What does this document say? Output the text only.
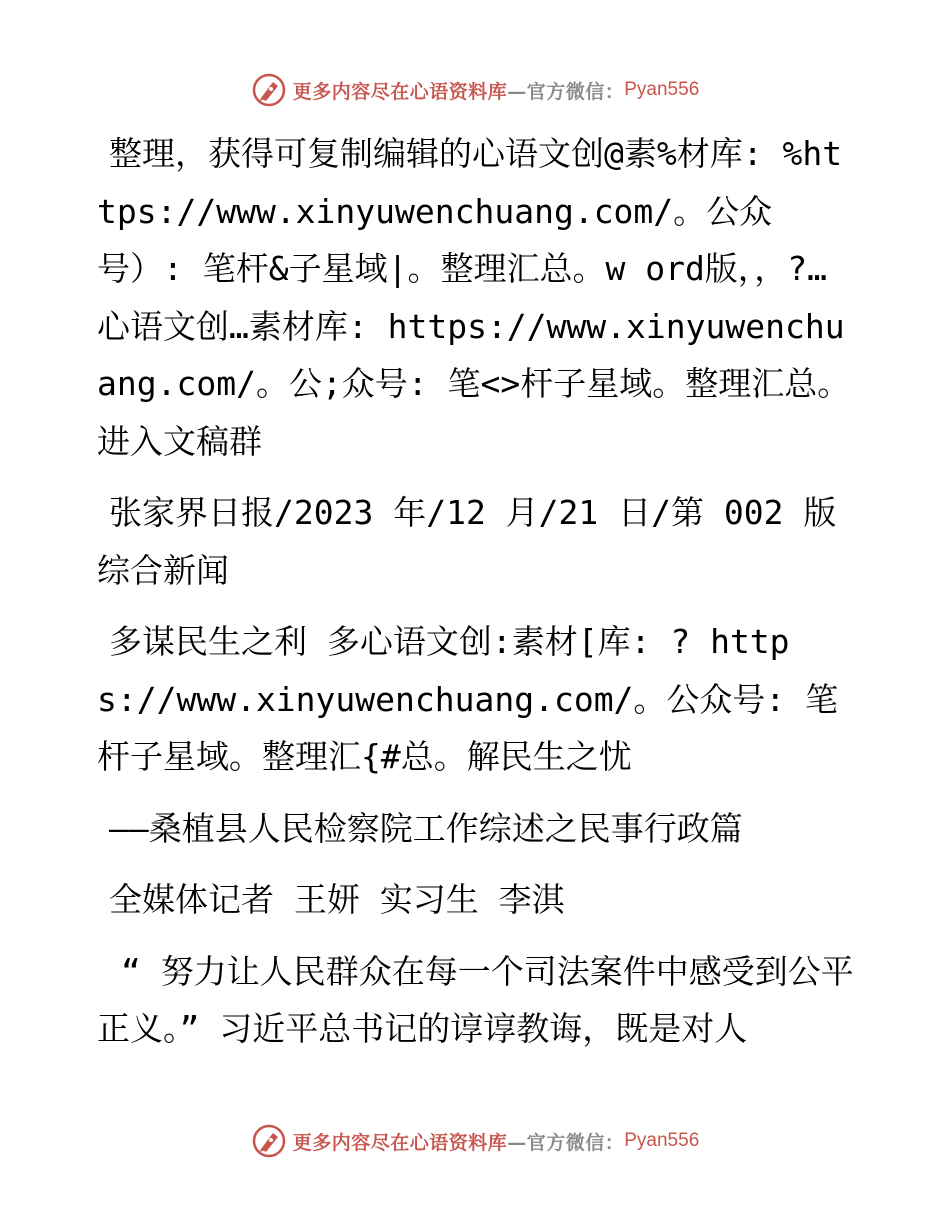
更多内容尽在心语资料库 —官方微信： Pyan556

整理，获得可复制编辑的心语文创@素%材库: %https://www.xinyuwenchuang.com/。公众号）: 笔杆&子星域|。整理汇总。w ord版，，?…心语文创…素材库: https://www.xinyuwenchuang.com/。公;众号: 笔<>杆子星域。整理汇总。进入文稿群

张家界日报/2023 年/12 月/21 日/第 002 版综合新闻

多谋民生之利 多心语文创:素材[库: ? https://www.xinyuwenchuang.com/。公众号: 笔杆子星域。整理汇{#总。解民生之忧

——桑植县人民检察院工作综述之民事行政篇

全媒体记者 王妍 实习生 李淇

“ 努力让人民群众在每一个司法案件中感受到公平正义。” 习近平总书记的谆谆教诲，既是对人

更多内容尽在心语资料库 —官方微信： Pyan556
